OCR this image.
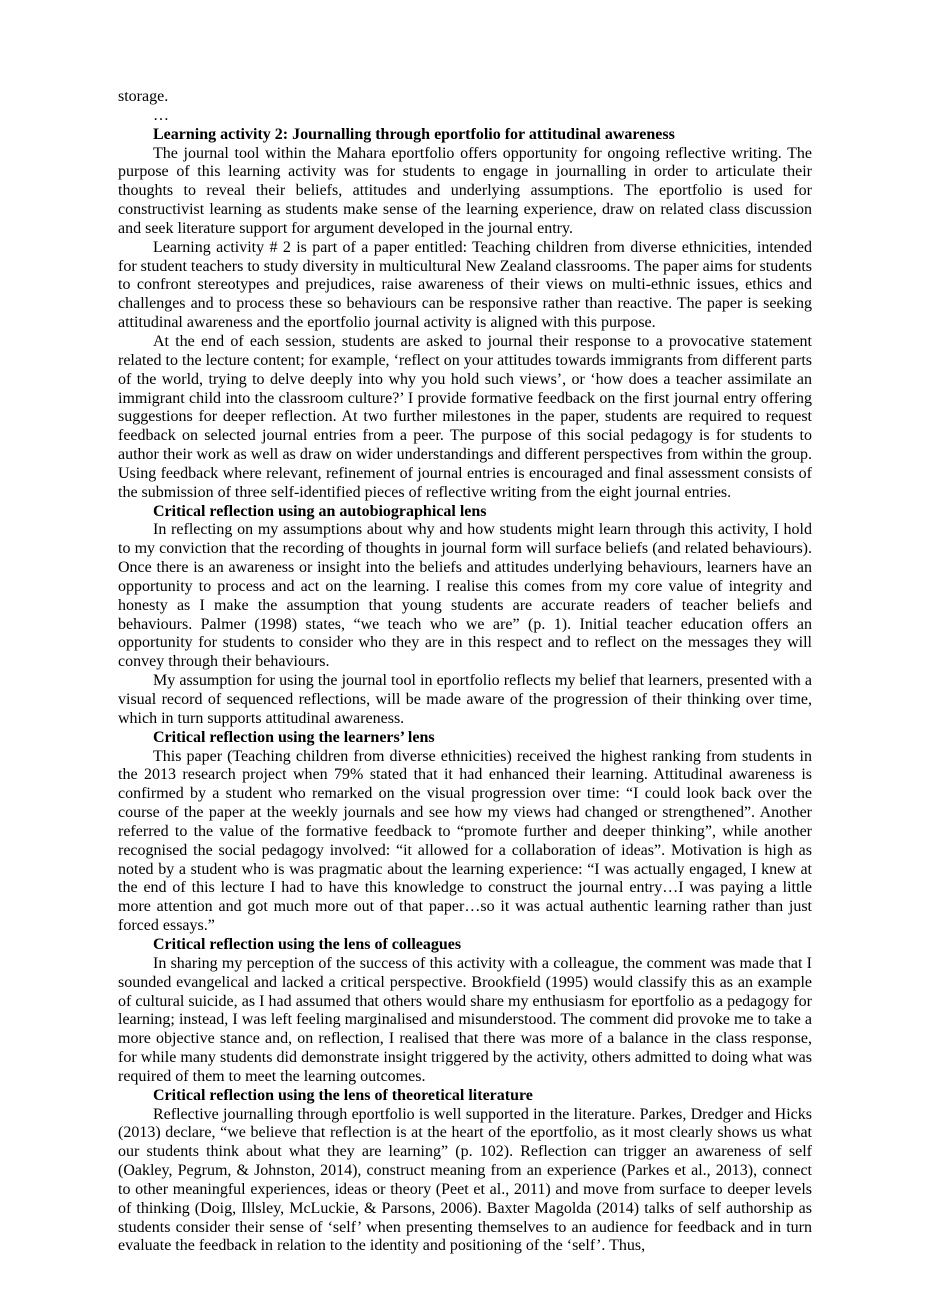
storage.

…

Learning activity 2: Journalling through eportfolio for attitudinal awareness

The journal tool within the Mahara eportfolio offers opportunity for ongoing reflective writing. The purpose of this learning activity was for students to engage in journalling in order to articulate their thoughts to reveal their beliefs, attitudes and underlying assumptions. The eportfolio is used for constructivist learning as students make sense of the learning experience, draw on related class discussion and seek literature support for argument developed in the journal entry.

Learning activity # 2 is part of a paper entitled: Teaching children from diverse ethnicities, intended for student teachers to study diversity in multicultural New Zealand classrooms. The paper aims for students to confront stereotypes and prejudices, raise awareness of their views on multi-ethnic issues, ethics and challenges and to process these so behaviours can be responsive rather than reactive. The paper is seeking attitudinal awareness and the eportfolio journal activity is aligned with this purpose.

At the end of each session, students are asked to journal their response to a provocative statement related to the lecture content; for example, ‘reflect on your attitudes towards immigrants from different parts of the world, trying to delve deeply into why you hold such views’, or ‘how does a teacher assimilate an immigrant child into the classroom culture?’ I provide formative feedback on the first journal entry offering suggestions for deeper reflection. At two further milestones in the paper, students are required to request feedback on selected journal entries from a peer. The purpose of this social pedagogy is for students to author their work as well as draw on wider understandings and different perspectives from within the group. Using feedback where relevant, refinement of journal entries is encouraged and final assessment consists of the submission of three self-identified pieces of reflective writing from the eight journal entries.

Critical reflection using an autobiographical lens

In reflecting on my assumptions about why and how students might learn through this activity, I hold to my conviction that the recording of thoughts in journal form will surface beliefs (and related behaviours). Once there is an awareness or insight into the beliefs and attitudes underlying behaviours, learners have an opportunity to process and act on the learning. I realise this comes from my core value of integrity and honesty as I make the assumption that young students are accurate readers of teacher beliefs and behaviours. Palmer (1998) states, “we teach who we are” (p. 1). Initial teacher education offers an opportunity for students to consider who they are in this respect and to reflect on the messages they will convey through their behaviours.

My assumption for using the journal tool in eportfolio reflects my belief that learners, presented with a visual record of sequenced reflections, will be made aware of the progression of their thinking over time, which in turn supports attitudinal awareness.

Critical reflection using the learners’ lens

This paper (Teaching children from diverse ethnicities) received the highest ranking from students in the 2013 research project when 79% stated that it had enhanced their learning. Attitudinal awareness is confirmed by a student who remarked on the visual progression over time: “I could look back over the course of the paper at the weekly journals and see how my views had changed or strengthened”. Another referred to the value of the formative feedback to “promote further and deeper thinking”, while another recognised the social pedagogy involved: “it allowed for a collaboration of ideas”. Motivation is high as noted by a student who is was pragmatic about the learning experience: “I was actually engaged, I knew at the end of this lecture I had to have this knowledge to construct the journal entry…I was paying a little more attention and got much more out of that paper…so it was actual authentic learning rather than just forced essays.”

Critical reflection using the lens of colleagues

In sharing my perception of the success of this activity with a colleague, the comment was made that I sounded evangelical and lacked a critical perspective. Brookfield (1995) would classify this as an example of cultural suicide, as I had assumed that others would share my enthusiasm for eportfolio as a pedagogy for learning; instead, I was left feeling marginalised and misunderstood. The comment did provoke me to take a more objective stance and, on reflection, I realised that there was more of a balance in the class response, for while many students did demonstrate insight triggered by the activity, others admitted to doing what was required of them to meet the learning outcomes.

Critical reflection using the lens of theoretical literature

Reflective journalling through eportfolio is well supported in the literature. Parkes, Dredger and Hicks (2013) declare, “we believe that reflection is at the heart of the eportfolio, as it most clearly shows us what our students think about what they are learning” (p. 102). Reflection can trigger an awareness of self (Oakley, Pegrum, & Johnston, 2014), construct meaning from an experience (Parkes et al., 2013), connect to other meaningful experiences, ideas or theory (Peet et al., 2011) and move from surface to deeper levels of thinking (Doig, Illsley, McLuckie, & Parsons, 2006). Baxter Magolda (2014) talks of self authorship as students consider their sense of ‘self’ when presenting themselves to an audience for feedback and in turn evaluate the feedback in relation to the identity and positioning of the ‘self’. Thus,
